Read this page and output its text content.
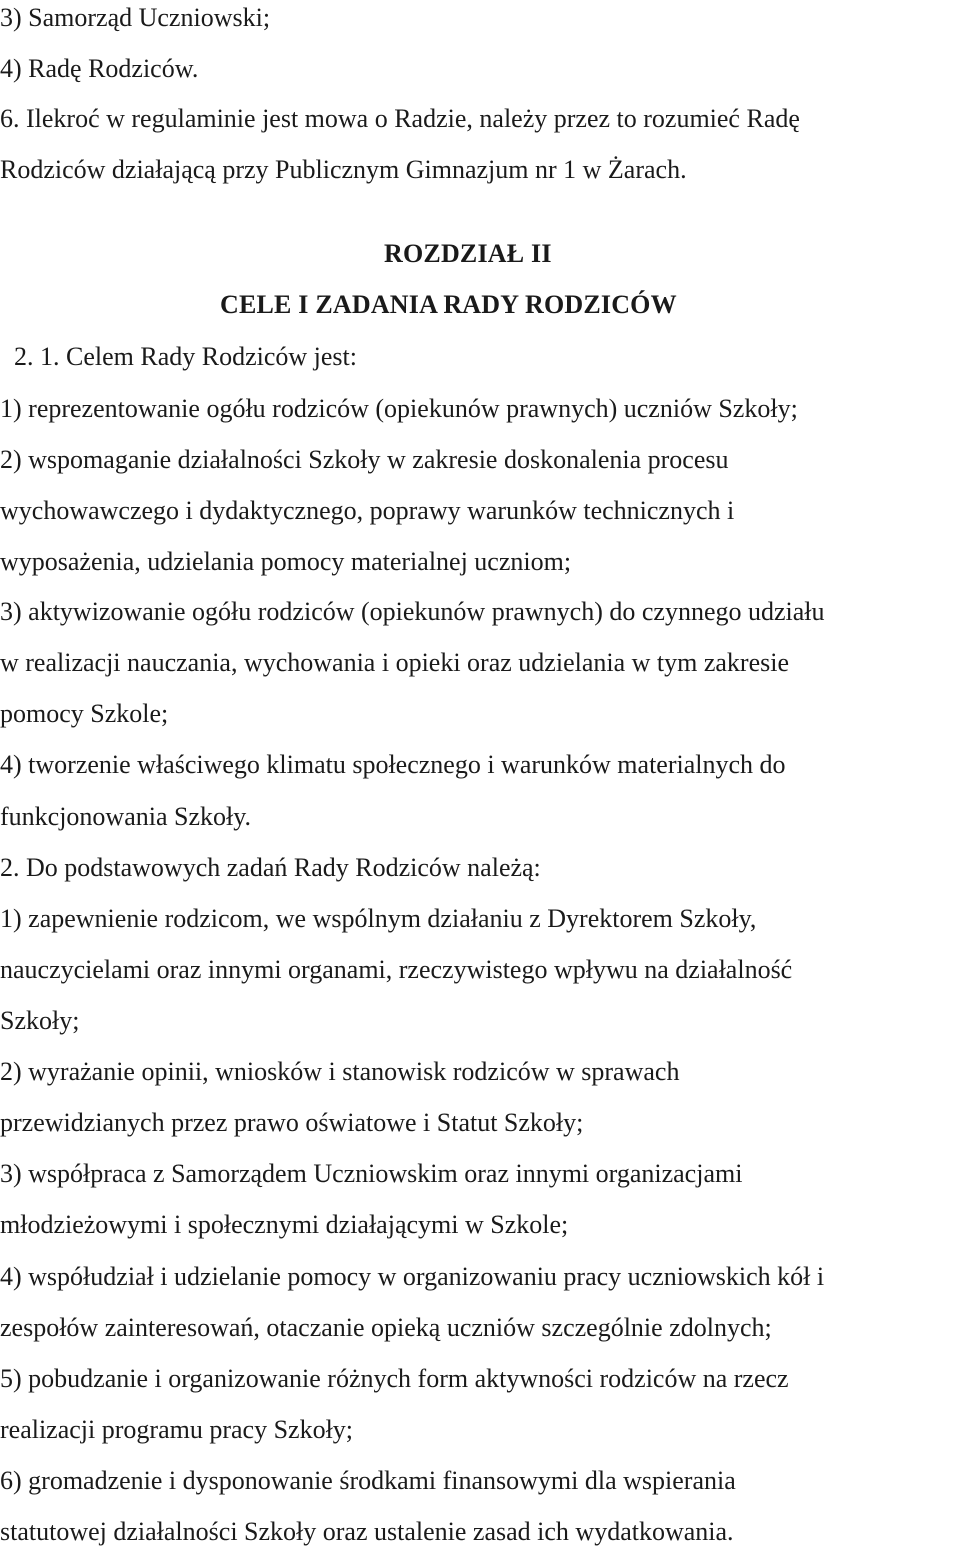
3) Samorząd Uczniowski;
4) Radę Rodziców.
6. Ilekroć w regulaminie jest mowa o Radzie, należy przez to rozumieć Radę
Rodziców działającą przy Publicznym Gimnazjum nr 1 w Żarach.
ROZDZIAŁ II
CELE I ZADANIA RADY RODZICÓW
2. 1. Celem Rady Rodziców jest:
1) reprezentowanie ogółu rodziców (opiekunów prawnych) uczniów Szkoły;
2) wspomaganie działalności Szkoły w zakresie doskonalenia procesu
wychowawczego i dydaktycznego, poprawy warunków technicznych i
wyposażenia, udzielania pomocy materialnej uczniom;
3) aktywizowanie ogółu rodziców (opiekunów prawnych) do czynnego udziału
w realizacji nauczania, wychowania i opieki oraz udzielania w tym zakresie
pomocy Szkole;
4) tworzenie właściwego klimatu społecznego i warunków materialnych do
funkcjonowania Szkoły.
2. Do podstawowych zadań Rady Rodziców należą:
1) zapewnienie rodzicom, we wspólnym działaniu z Dyrektorem Szkoły,
nauczycielami oraz innymi organami, rzeczywistego wpływu na działalność
Szkoły;
2) wyrażanie opinii, wniosków i stanowisk rodziców w sprawach
przewidzianych przez prawo oświatowe i Statut Szkoły;
3) współpraca z Samorządem Uczniowskim oraz innymi organizacjami
młodzieżowymi i społecznymi działającymi w Szkole;
4) współudział i udzielanie pomocy w organizowaniu pracy uczniowskich kół i
zespołów zainteresowań, otaczanie opieką uczniów szczególnie zdolnych;
5) pobudzanie i organizowanie różnych form aktywności rodziców na rzecz
realizacji programu pracy Szkoły;
6) gromadzenie i dysponowanie środkami finansowymi dla wspierania
statutowej działalności Szkoły oraz ustalenie zasad ich wydatkowania.
